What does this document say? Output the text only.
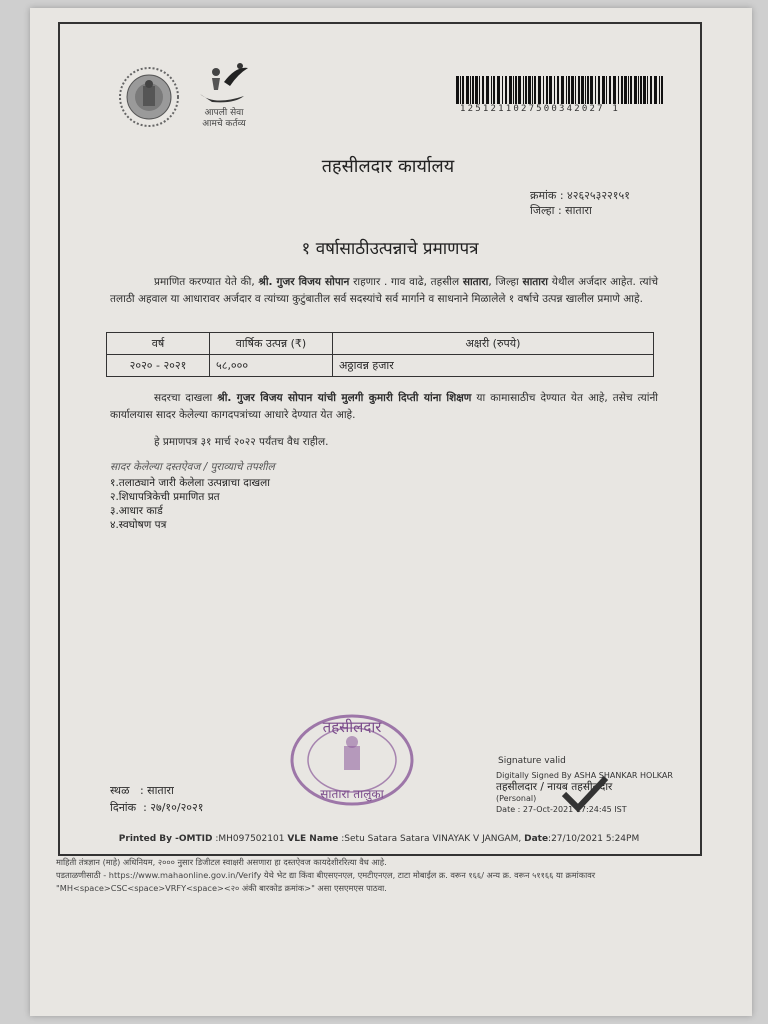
आपली सेवा आमचे कर्तव्य
1251211027500342027 1
तहसीलदार कार्यालय
क्रमांक : ४२६२५३२२१५१
जिल्हा : सातारा
१ वर्षासाठीउत्पन्नाचे प्रमाणपत्र
प्रमाणित करण्यात येते की, श्री. गुजर विजय सोपान राहणार . गाव वाढे, तहसील सातारा, जिल्हा सातारा येथील अर्जदार आहेत. त्यांचे तलाठी अहवाल या आधारावर अर्जदार व त्यांच्या कुटुंबातील सर्व सदस्यांचे सर्व मार्गाने व साधनाने मिळालेले १ वर्षाचे उत्पन्न खालील प्रमाणे आहे.
वर्ष	वार्षिक उत्पन्न (₹)	अक्षरी (रुपये)
२०२० - २०२१	५८,०००	अठ्ठावन्न हजार
सदरचा दाखला श्री. गुजर विजय सोपान यांची मुलगी कुमारी दिप्ती यांना शिक्षण या कामासाठीच देण्यात येत आहे, तसेच त्यांनी कार्यालयास सादर केलेल्या कागदपत्रांच्या आधारे देण्यात येत आहे.
हे प्रमाणपत्र ३१ मार्च २०२२ पर्यंतच वैध राहील.
सादर केलेल्या दस्तऐवज / पुराव्याचे तपशील
१.तलाठ्याने जारी केलेला उत्पन्नाचा दाखला
२.शिधापत्रिकेची प्रमाणित प्रत
३.आधार कार्ड
४.स्वघोषण पत्र
तहसीलदार
सातारा तालुका
Signature valid
Digitally Signed By ASHA SHANKAR HOLKAR
तहसीलदार / नायब तहसीलदार
(Personal)
Date : 27-Oct-2021 17:24:45 IST
स्थळ   : सातारा
दिनांक  : २७/१०/२०२१
Printed By -OMTID :MH097502101 VLE Name :Setu Satara Satara VINAYAK V JANGAM, Date:27/10/2021 5:24PM
माहिती तंत्रज्ञान (माहे) अधिनियम, २००० नुसार डिजीटल स्वाक्षरी असणारा हा दस्तऐवज कायदेशीररित्या वैध आहे.
पडताळणीसाठी - https://www.mahaonline.gov.in/Verify येथे भेट द्या किंवा बीएसएनएल, एमटीएनएल, टाटा मोबाईल क्र. वरून १६६/ अन्य क्र. वरून ५११६६ या क्रमांकावर
"MH<space>CSC<space>VRFY<space><२० अंकी बारकोड क्रमांक>" असा एसएमएस पाठवा.
